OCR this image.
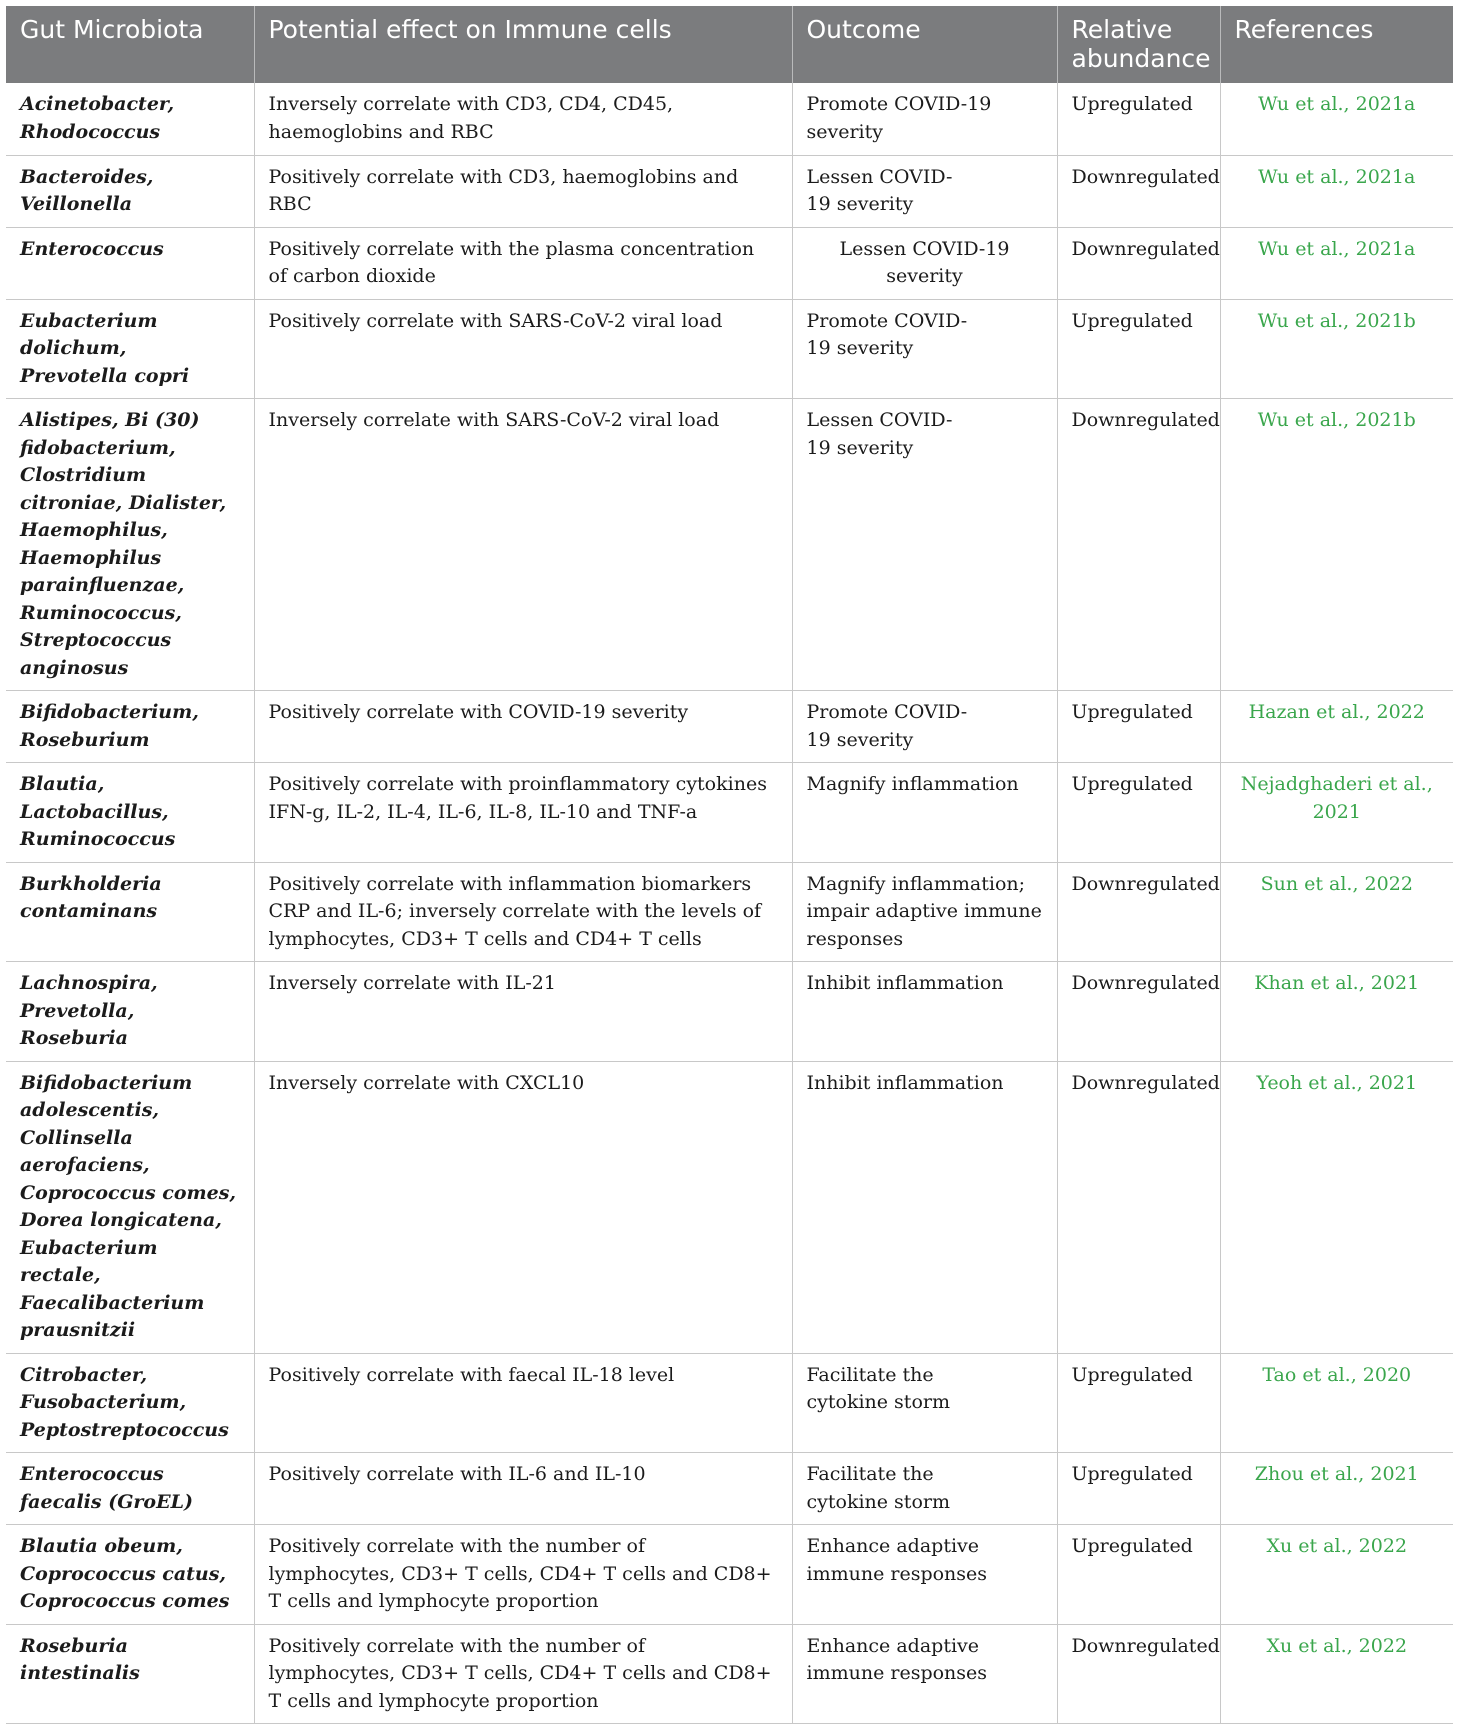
Gut Microbiota	Potential effect on Immune cells	Outcome	Relative abundance	References
Acinetobacter, Rhodococcus	Inversely correlate with CD3, CD4, CD45, haemoglobins and RBC	Promote COVID-19 severity	Upregulated	Wu et al., 2021a
Bacteroides, Veillonella	Positively correlate with CD3, haemoglobins and RBC	Lessen COVID-19 severity	Downregulated	Wu et al., 2021a
Enterococcus	Positively correlate with the plasma concentration of carbon dioxide	Lessen COVID-19 severity	Downregulated	Wu et al., 2021a
Eubacterium dolichum, Prevotella copri	Positively correlate with SARS-CoV-2 viral load	Promote COVID-19 severity	Upregulated	Wu et al., 2021b
Alistipes, Bi (30) fidobacterium, Clostridium citroniae, Dialister, Haemophilus, Haemophilus parainfluenzae, Ruminococcus, Streptococcus anginosus	Inversely correlate with SARS-CoV-2 viral load	Lessen COVID-19 severity	Downregulated	Wu et al., 2021b
Bifidobacterium, Roseburium	Positively correlate with COVID-19 severity	Promote COVID-19 severity	Upregulated	Hazan et al., 2022
Blautia, Lactobacillus, Ruminococcus	Positively correlate with proinflammatory cytokines IFN-g, IL-2, IL-4, IL-6, IL-8, IL-10 and TNF-a	Magnify inflammation	Upregulated	Nejadghaderi et al., 2021
Burkholderia contaminans	Positively correlate with inflammation biomarkers CRP and IL-6; inversely correlate with the levels of lymphocytes, CD3+ T cells and CD4+ T cells	Magnify inflammation; impair adaptive immune responses	Downregulated	Sun et al., 2022
Lachnospira, Prevetolla, Roseburia	Inversely correlate with IL-21	Inhibit inflammation	Downregulated	Khan et al., 2021
Bifidobacterium adolescentis, Collinsella aerofaciens, Coprococcus comes, Dorea longicatena, Eubacterium rectale, Faecalibacterium prausnitzii	Inversely correlate with CXCL10	Inhibit inflammation	Downregulated	Yeoh et al., 2021
Citrobacter, Fusobacterium, Peptostreptococcus	Positively correlate with faecal IL-18 level	Facilitate the cytokine storm	Upregulated	Tao et al., 2020
Enterococcus faecalis (GroEL)	Positively correlate with IL-6 and IL-10	Facilitate the cytokine storm	Upregulated	Zhou et al., 2021
Blautia obeum, Coprococcus catus, Coprococcus comes	Positively correlate with the number of lymphocytes, CD3+ T cells, CD4+ T cells and CD8+ T cells and lymphocyte proportion	Enhance adaptive immune responses	Upregulated	Xu et al., 2022
Roseburia intestinalis	Positively correlate with the number of lymphocytes, CD3+ T cells, CD4+ T cells and CD8+ T cells and lymphocyte proportion	Enhance adaptive immune responses	Downregulated	Xu et al., 2022
